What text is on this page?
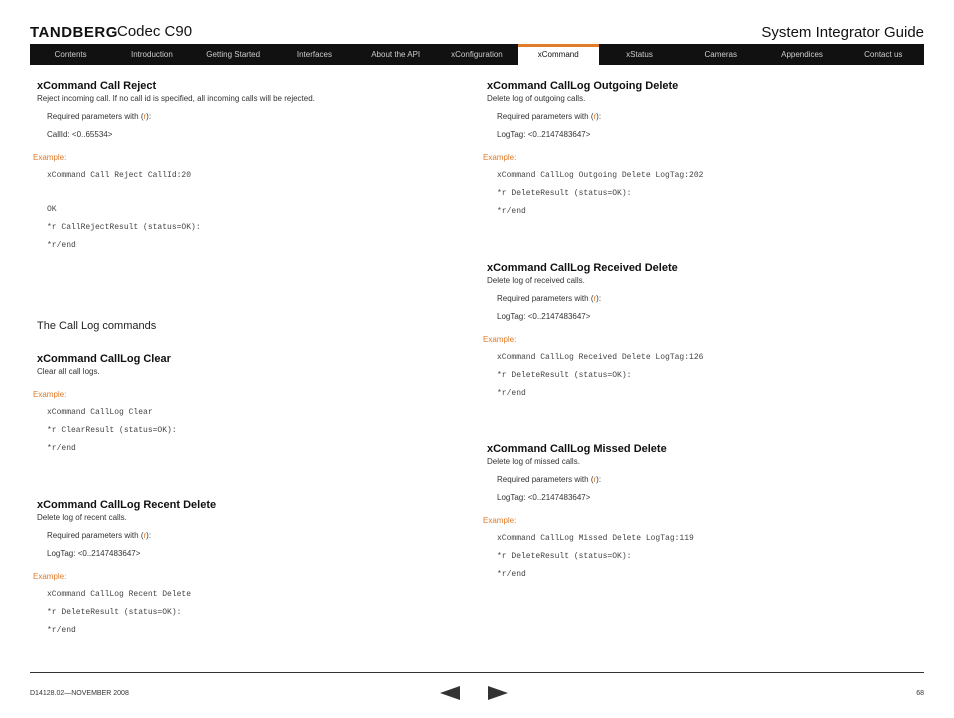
TANDBERG Codec C90	System Integrator Guide
Contents	Introduction	Getting Started	Interfaces	About the API	xConfiguration	xCommand	xStatus	Cameras	Appendices	Contact us
xCommand Call Reject
Reject incoming call. If no call id is specified, all incoming calls will be rejected.
Required parameters with (r):
CallId: <0..65534>
Example:
xCommand Call Reject CallId:20
OK
*r CallRejectResult (status=OK):
*r/end
The Call Log commands
xCommand CallLog Clear
Clear all call logs.
Example:
xCommand CallLog Clear
*r ClearResult (status=OK):
*r/end
xCommand CallLog Recent Delete
Delete log of recent calls.
Required parameters with (r):
LogTag: <0..2147483647>
Example:
xCommand CallLog Recent Delete
*r DeleteResult (status=OK):
*r/end
xCommand CallLog Outgoing Delete
Delete log of outgoing calls.
Required parameters with (r):
LogTag: <0..2147483647>
Example:
xCommand CallLog Outgoing Delete LogTag:202
*r DeleteResult (status=OK):
*r/end
xCommand CallLog Received Delete
Delete log of received calls.
Required parameters with (r):
LogTag: <0..2147483647>
Example:
xCommand CallLog Received Delete LogTag:126
*r DeleteResult (status=OK):
*r/end
xCommand CallLog Missed Delete
Delete log of missed calls.
Required parameters with (r):
LogTag: <0..2147483647>
Example:
xCommand CallLog Missed Delete LogTag:119
*r DeleteResult (status=OK):
*r/end
D14128.02—NOVEMBER 2008	68
